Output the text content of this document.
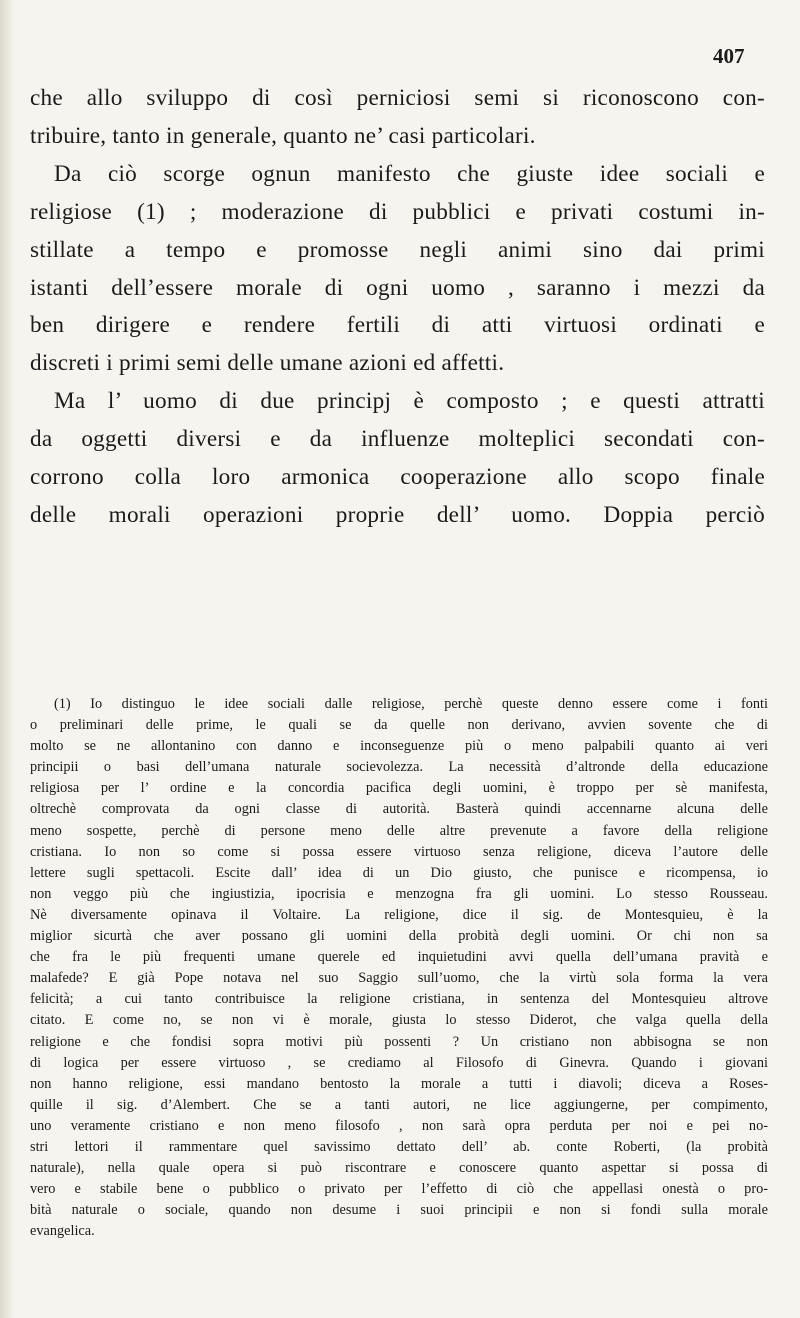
407
che allo sviluppo di così perniciosi semi si riconoscono con-
tribuire, tanto in generale, quanto ne’ casi particolari.
Da ciò scorge ognun manifesto che giuste idee sociali e
religiose (1) ; moderazione di pubblici e privati costumi in-
stillate a tempo e promosse negli animi sino dai primi
istanti dell’essere morale di ogni uomo , saranno i mezzi da
ben dirigere e rendere fertili di atti virtuosi ordinati e
discreti i primi semi delle umane azioni ed affetti.
Ma l’ uomo di due principj è composto ; e questi attratti
da oggetti diversi e da influenze molteplici secondati con-
corrono colla loro armonica cooperazione allo scopo finale
delle morali operazioni proprie dell’ uomo. Doppia perciò
(1) Io distinguo le idee sociali dalle religiose, perchè queste denno essere come i fonti
o preliminari delle prime, le quali se da quelle non derivano, avvien sovente che di
molto se ne allontanino con danno e inconseguenze più o meno palpabili quanto ai veri
principii o basi dell’umana naturale socievolezza. La necessità d’altronde della educazione
religiosa per l’ ordine e la concordia pacifica degli uomini, è troppo per sè manifesta,
oltrechè comprovata da ogni classe di autorità. Basterà quindi accennarne alcuna delle
meno sospette, perchè di persone meno delle altre prevenute a favore della religione
cristiana. Io non so come si possa essere virtuoso senza religione, diceva l’autore delle
lettere sugli spettacoli. Escite dall’ idea di un Dio giusto, che punisce e ricompensa, io
non veggo più che ingiustizia, ipocrisia e menzogna fra gli uomini. Lo stesso Rousseau.
Nè diversamente opinava il Voltaire. La religione, dice il sig. de Montesquieu, è la
miglior sicurtà che aver possano gli uomini della probità degli uomini. Or chi non sa
che fra le più frequenti umane querele ed inquietudini avvi quella dell’umana pravità e
malafede? E già Pope notava nel suo Saggio sull’uomo, che la virtù sola forma la vera
felicità; a cui tanto contribuisce la religione cristiana, in sentenza del Montesquieu altrove
citato. E come no, se non vi è morale, giusta lo stesso Diderot, che valga quella della
religione e che fondisi sopra motivi più possenti ? Un cristiano non abbisogna se non
di logica per essere virtuoso , se crediamo al Filosofo di Ginevra. Quando i giovani
non hanno religione, essi mandano bentosto la morale a tutti i diavoli; diceva a Roses-
quille il sig. d’Alembert. Che se a tanti autori, ne lice aggiungerne, per compimento,
uno veramente cristiano e non meno filosofo , non sarà opra perduta per noi e pei no-
stri lettori il rammentare quel savissimo dettato dell’ ab. conte Roberti, (la probità
naturale), nella quale opera si può riscontrare e conoscere quanto aspettar si possa di
vero e stabile bene o pubblico o privato per l’effetto di ciò che appellasi onestà o pro-
bità naturale o sociale, quando non desume i suoi principii e non si fondi sulla morale
evangelica.
